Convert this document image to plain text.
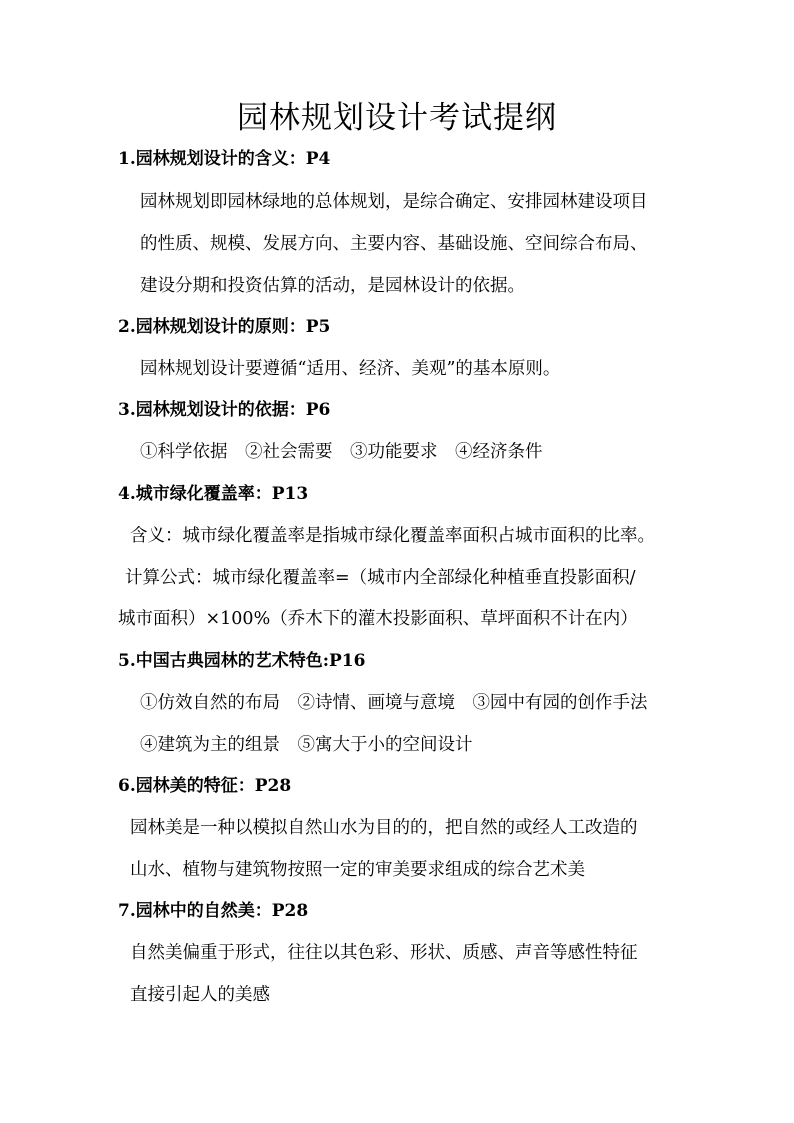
园林规划设计考试提纲
1.园林规划设计的含义：P4
园林规划即园林绿地的总体规划，是综合确定、安排园林建设项目
的性质、规模、发展方向、主要内容、基础设施、空间综合布局、
建设分期和投资估算的活动，是园林设计的依据。
2.园林规划设计的原则：P5
园林规划设计要遵循“适用、经济、美观”的基本原则。
3.园林规划设计的依据：P6
①科学依据　②社会需要　③功能要求　④经济条件
4.城市绿化覆盖率：P13
含义：城市绿化覆盖率是指城市绿化覆盖率面积占城市面积的比率。
计算公式：城市绿化覆盖率=（城市内全部绿化种植垂直投影面积/
城市面积）×100%（乔木下的灌木投影面积、草坪面积不计在内）
5.中国古典园林的艺术特色:P16
①仿效自然的布局　②诗情、画境与意境　③园中有园的创作手法
④建筑为主的组景　⑤寓大于小的空间设计
6.园林美的特征：P28
园林美是一种以模拟自然山水为目的的，把自然的或经人工改造的
山水、植物与建筑物按照一定的审美要求组成的综合艺术美
7.园林中的自然美：P28
自然美偏重于形式，往往以其色彩、形状、质感、声音等感性特征
直接引起人的美感
